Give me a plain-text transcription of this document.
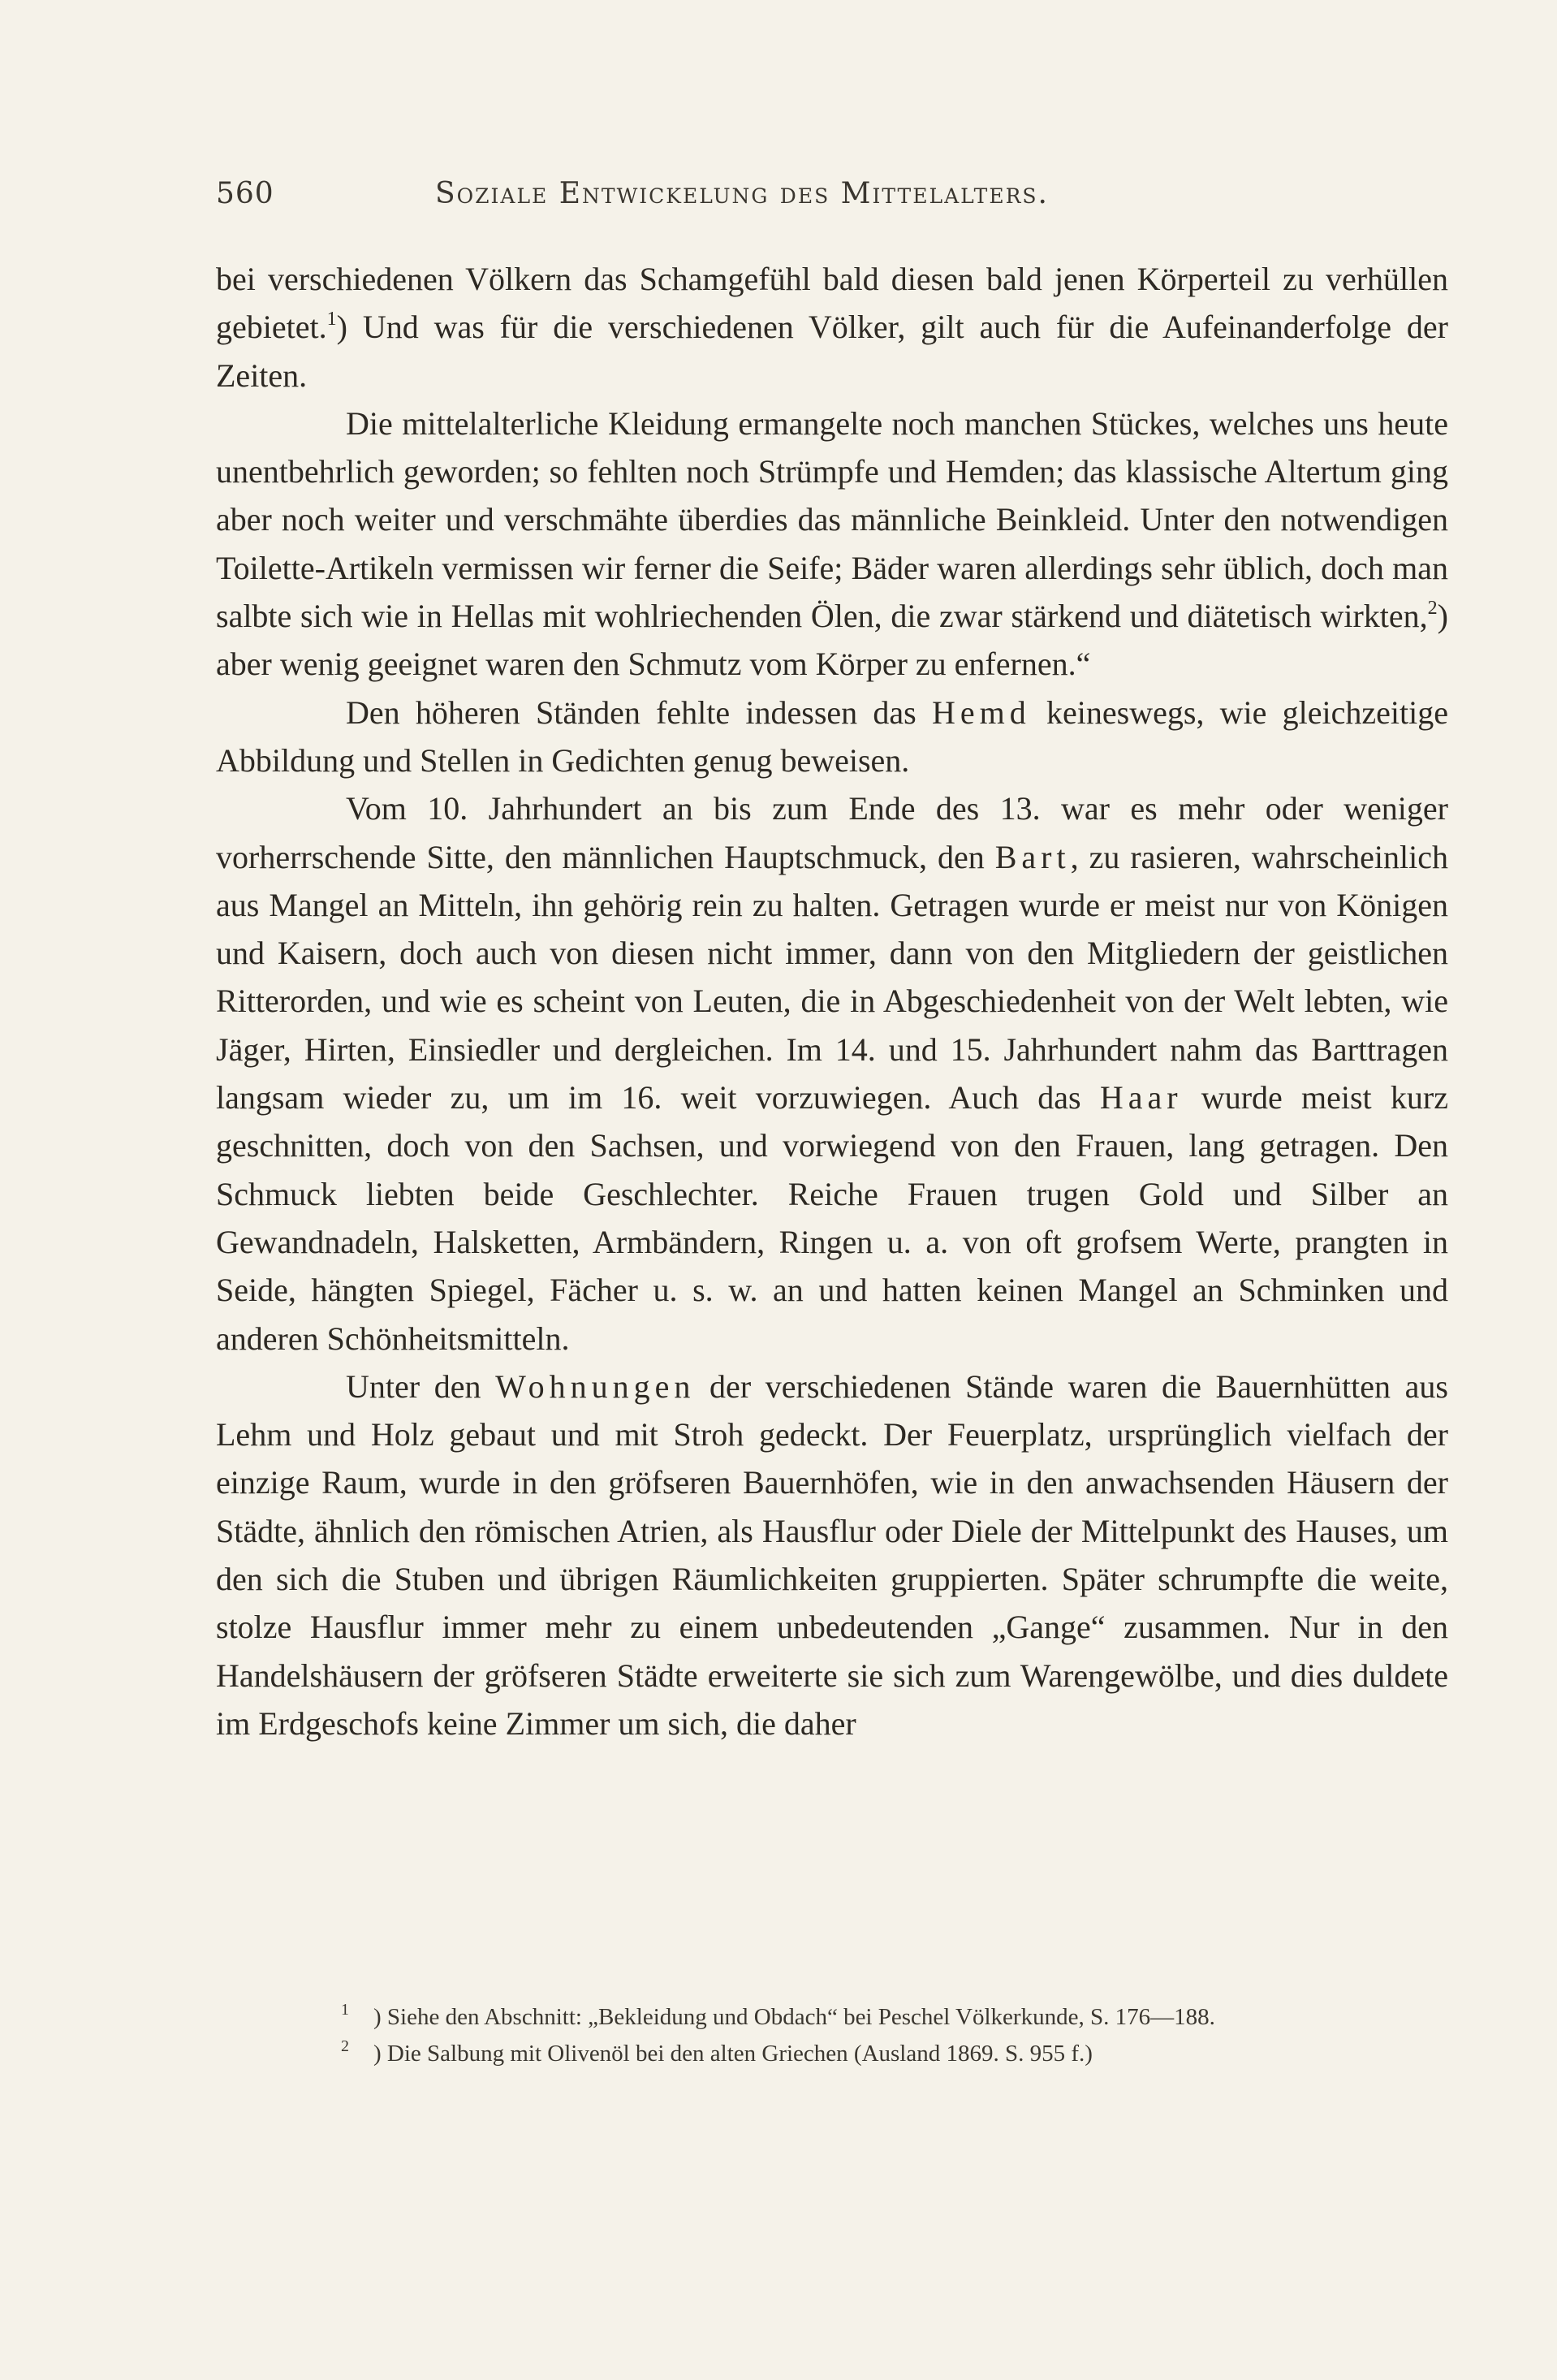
560	Soziale Entwickelung des Mittelalters.

bei verschiedenen Völkern das Schamgefühl bald diesen bald jenen Körperteil zu verhüllen gebietet.$^1$) Und was für die verschiedenen Völker, gilt auch für die Aufeinanderfolge der Zeiten.

Die mittelalterliche Kleidung ermangelte noch manchen Stückes, welches uns heute unentbehrlich geworden; so fehlten noch Strümpfe und Hemden; das klassische Altertum ging aber noch weiter und verschmähte überdies das männliche Beinkleid. Unter den notwendigen Toilette-Artikeln vermissen wir ferner die Seife; Bäder waren allerdings sehr üblich, doch man salbte sich wie in Hellas mit wohlriechenden Ölen, die zwar stärkend und diätetisch wirkten,$^2$) aber wenig geeignet waren den Schmutz vom Körper zu enfernen.“

Den höheren Ständen fehlte indessen das Hemd keineswegs, wie gleichzeitige Abbildung und Stellen in Gedichten genug beweisen.

Vom 10. Jahrhundert an bis zum Ende des 13. war es mehr oder weniger vorherrschende Sitte, den männlichen Hauptschmuck, den Bart, zu rasieren, wahrscheinlich aus Mangel an Mitteln, ihn gehörig rein zu halten. Getragen wurde er meist nur von Königen und Kaisern, doch auch von diesen nicht immer, dann von den Mitgliedern der geistlichen Ritterorden, und wie es scheint von Leuten, die in Abgeschiedenheit von der Welt lebten, wie Jäger, Hirten, Einsiedler und dergleichen. Im 14. und 15. Jahrhundert nahm das Barttragen langsam wieder zu, um im 16. weit vorzuwiegen. Auch das Haar wurde meist kurz geschnitten, doch von den Sachsen, und vorwiegend von den Frauen, lang getragen. Den Schmuck liebten beide Geschlechter. Reiche Frauen trugen Gold und Silber an Gewandnadeln, Halsketten, Armbändern, Ringen u. a. von oft grofsem Werte, prangten in Seide, hängten Spiegel, Fächer u. s. w. an und hatten keinen Mangel an Schminken und anderen Schönheitsmitteln.

Unter den Wohnungen der verschiedenen Stände waren die Bauernhütten aus Lehm und Holz gebaut und mit Stroh gedeckt. Der Feuerplatz, ursprünglich vielfach der einzige Raum, wurde in den gröfseren Bauernhöfen, wie in den anwachsenden Häusern der Städte, ähnlich den römischen Atrien, als Hausflur oder Diele der Mittelpunkt des Hauses, um den sich die Stuben und übrigen Räumlichkeiten gruppierten. Später schrumpfte die weite, stolze Hausflur immer mehr zu einem unbedeutenden „Gange“ zusammen. Nur in den Handelshäusern der gröfseren Städte erweiterte sie sich zum Warengewölbe, und dies duldete im Erdgeschofs keine Zimmer um sich, die daher

$^1$ ) Siehe den Abschnitt: „Bekleidung und Obdach“ bei Peschel Völkerkunde, S. 176—188.
$^2$ ) Die Salbung mit Olivenöl bei den alten Griechen (Ausland 1869. S. 955 f.)
